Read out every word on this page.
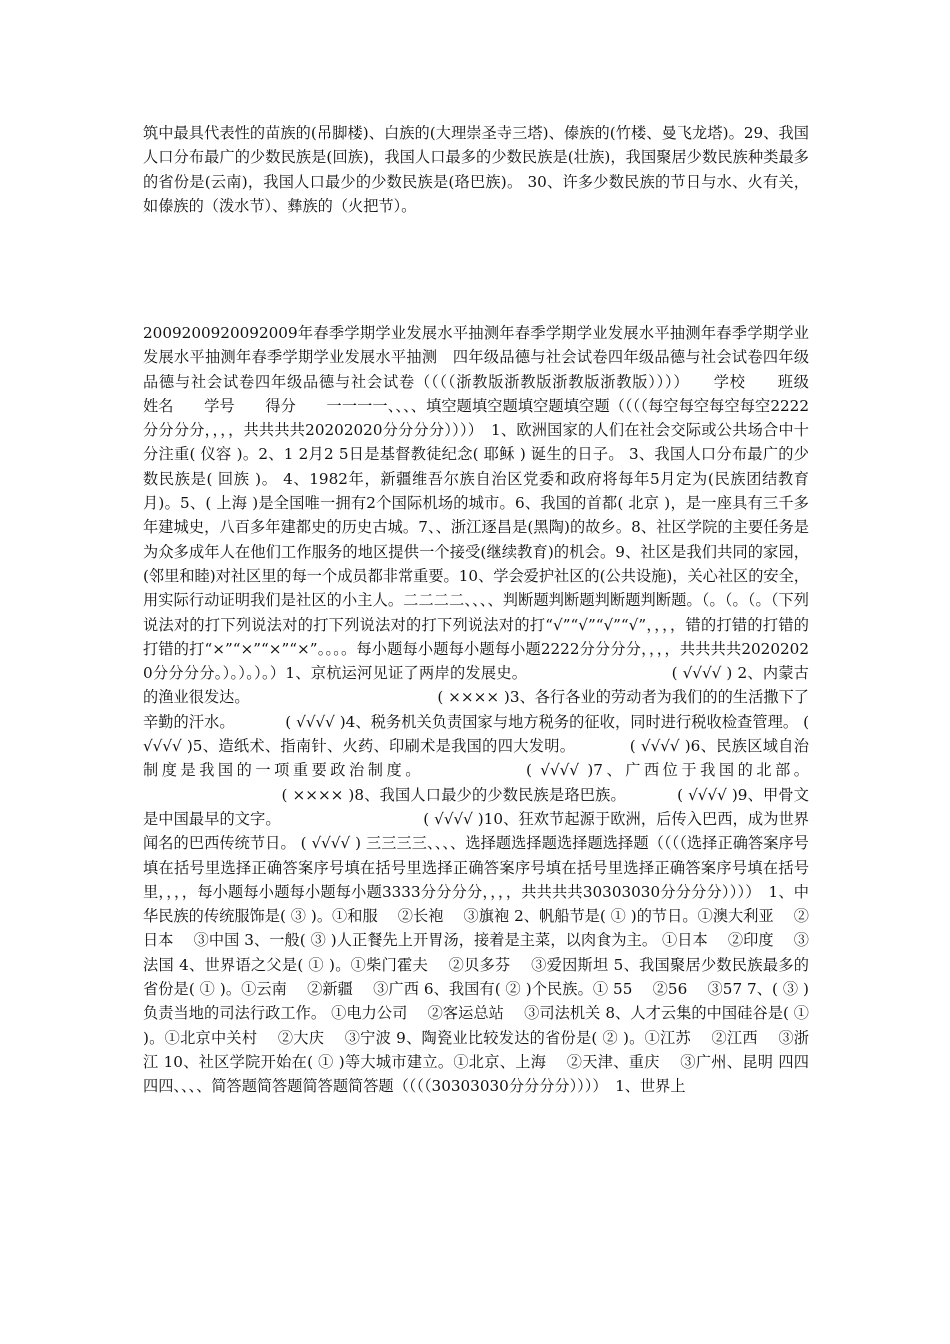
筑中最具代表性的苗族的(吊脚楼)、白族的(大理崇圣寺三塔)、傣族的(竹楼、曼飞龙塔)。29、我国人口分布最广的少数民族是(回族)，我国人口最多的少数民族是(壮族)，我国聚居少数民族种类最多的省份是(云南)，我国人口最少的少数民族是(珞巴族)。 30、许多少数民族的节日与水、火有关，如傣族的（泼水节）、彝族的（火把节）。

2009200920092009年春季学期学业发展水平抽测年春季学期学业发展水平抽测年春季学期学业发展水平抽测年春季学期学业发展水平抽测　四年级品德与社会试卷四年级品德与社会试卷四年级品德与社会试卷四年级品德与社会试卷（（（（浙教版浙教版浙教版浙教版））））　　学校　　班级　　姓名　　学号　　得分　　一一一一、、、、填空题填空题填空题填空题（（（（每空每空每空每空2222分分分分，，，，共共共共20202020分分分分））））　1、欧洲国家的人们在社会交际或公共场合中十分注重( 仪容 )。2、1 2月2 5日是基督教徒纪念( 耶稣 ) 诞生的日子。 3、我国人口分布最广的少数民族是( 回族 )。 4、1982年，新疆维吾尔族自治区党委和政府将每年5月定为(民族团结教育月)。5、( 上海 )是全国唯一拥有2个国际机场的城市。6、我国的首都( 北京 )，是一座具有三千多年建城史，八百多年建都史的历史古城。7、、浙江逐昌是(黑陶)的故乡。8、社区学院的主要任务是为众多成年人在他们工作服务的地区提供一个接受(继续教育)的机会。9、社区是我们共同的家园，(邻里和睦)对社区里的每一个成员都非常重要。10、学会爱护社区的(公共设施)，关心社区的安全，用实际行动证明我们是社区的小主人。二二二二、、、、判断题判断题判断题判断题。（。（。（。（下列说法对的打下列说法对的打下列说法对的打下列说法对的打“√”“√”“√”“√”，，，，错的打错的打错的打错的打“×”“×”“×”“×”。。。。每小题每小题每小题每小题2222分分分分，，，，共共共共20202020分分分分。）。）。）。）1、京杭运河见证了两岸的发展史。 　　　　　　　　　( √√√√ ) 2、内蒙古的渔业很发达。 　　　　　　　　　　　　( ×××× )3、各行各业的劳动者为我们的的生活撒下了辛勤的汗水。 　　　( √√√√ )4、税务机关负责国家与地方税务的征收，同时进行税收检查管理。 ( √√√√ )5、造纸术、指南针、火药、印刷术是我国的四大发明。　　　　( √√√√ )6、民族区域自治制度是我国的一项重要政治制度。 　　　　　( √√√√ )7、广西位于我国的北部。 　　　　　　　　　( ×××× )8、我国人口最少的少数民族是珞巴族。 　　　( √√√√ )9、甲骨文是中国最早的文字。 　　　　　　　　　( √√√√ )10、狂欢节起源于欧洲，后传入巴西，成为世界闻名的巴西传统节日。 ( √√√√ ) 三三三三、、、、选择题选择题选择题选择题（（（（选择正确答案序号填在括号里选择正确答案序号填在括号里选择正确答案序号填在括号里选择正确答案序号填在括号里，，，，每小题每小题每小题每小题3333分分分分，，，，共共共共30303030分分分分））））　1、中华民族的传统服饰是( ③ )。①和服　 ②长袍　 ③旗袍 2、帆船节是( ① )的节日。①澳大利亚　 ②日本　 ③中国 3、一般( ③ )人正餐先上开胃汤，接着是主菜，以肉食为主。 ①日本　 ②印度　 ③法国 4、世界语之父是( ① )。①柴门霍夫　 ②贝多芬　 ③爱因斯坦 5、我国聚居少数民族最多的省份是( ① )。①云南　 ②新疆　 ③广西 6、我国有( ② )个民族。① 55　 ②56　 ③57 7、( ③ )负责当地的司法行政工作。 ①电力公司　 ②客运总站　 ③司法机关 8、人才云集的中国硅谷是( ① )。①北京中关村　 ②大庆　 ③宁波 9、陶瓷业比较发达的省份是( ② )。①江苏　 ②江西　 ③浙江 10、社区学院开始在( ① )等大城市建立。①北京、上海　 ②天津、重庆　 ③广州、昆明 四四四四、、、、简答题简答题简答题简答题（（（（30303030分分分分））））　1、世界上
